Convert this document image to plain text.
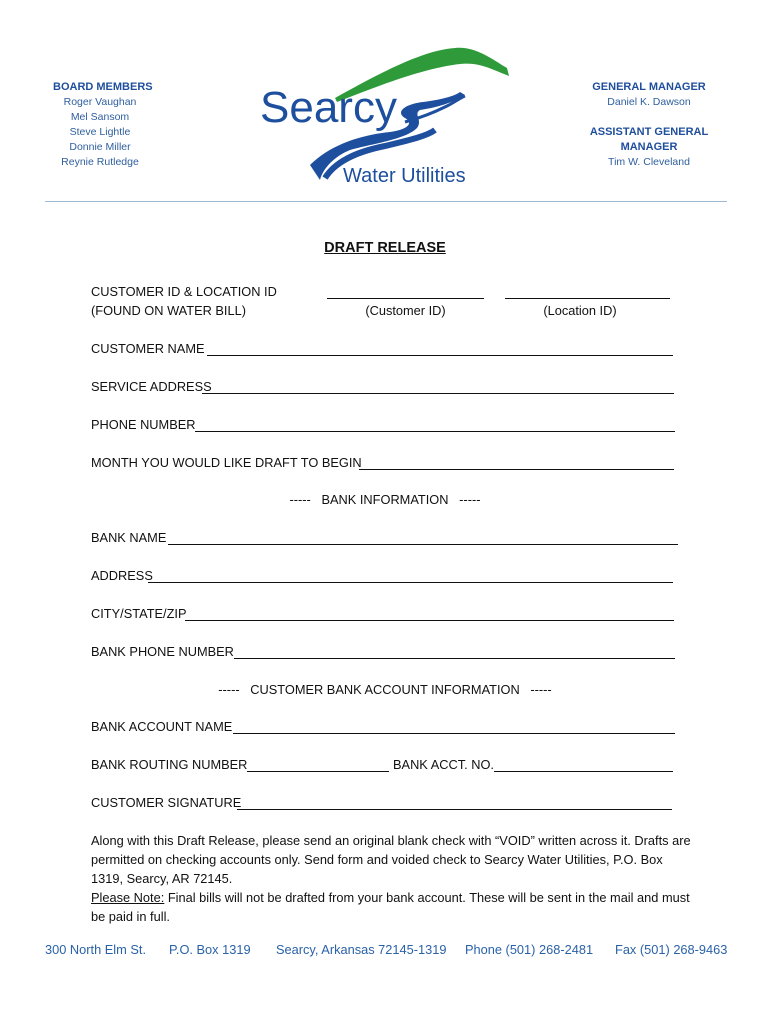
BOARD MEMBERS
Roger Vaughan
Mel Sansom
Steve Lightle
Donnie Miller
Reynie Rutledge
Searcy
Water Utilities
GENERAL MANAGER
Daniel K. Dawson
ASSISTANT GENERAL
MANAGER
Tim W. Cleveland
DRAFT RELEASE
CUSTOMER ID & LOCATION ID
(FOUND ON WATER BILL)	(Customer ID)	(Location ID)
CUSTOMER NAME
SERVICE ADDRESS
PHONE NUMBER
MONTH YOU WOULD LIKE DRAFT TO BEGIN
-----   BANK INFORMATION   -----
BANK NAME
ADDRESS
CITY/STATE/ZIP
BANK PHONE NUMBER
-----   CUSTOMER BANK ACCOUNT INFORMATION   -----
BANK ACCOUNT NAME
BANK ROUTING NUMBER	BANK ACCT. NO.
CUSTOMER SIGNATURE
Along with this Draft Release, please send an original blank check with “VOID” written across it. Drafts are permitted on checking accounts only. Send form and voided check to Searcy Water Utilities, P.O. Box 1319, Searcy, AR 72145.
Please Note: Final bills will not be drafted from your bank account. These will be sent in the mail and must be paid in full.
300 North Elm St. P.O. Box 1319 Searcy, Arkansas 72145-1319 Phone (501) 268-2481 Fax (501) 268-9463
